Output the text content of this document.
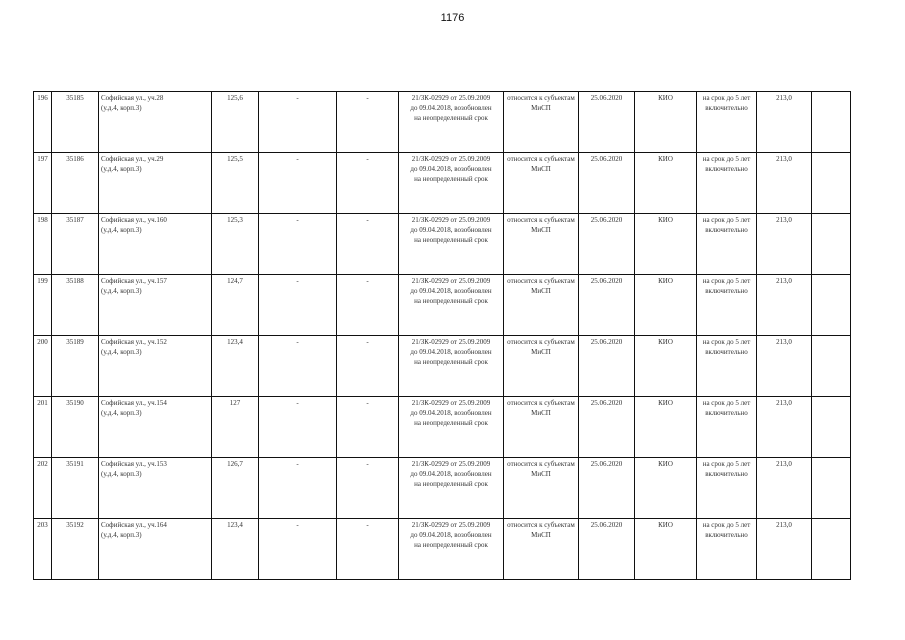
1176
196	35185	Софийская ул., уч.28
(у.д.4, корп.3)	125,6	-	-	21/ЗК-02929 от 25.09.2009
до 09.04.2018, возобновлен
на неопределенный срок	относится к субъектам
МиСП	25.06.2020	КИО	на срок до 5 лет
включительно	213,0	

197	35186	Софийская ул., уч.29
(у.д.4, корп.3)	125,5	-	-	21/ЗК-02929 от 25.09.2009
до 09.04.2018, возобновлен
на неопределенный срок	относится к субъектам
МиСП	25.06.2020	КИО	на срок до 5 лет
включительно	213,0	

198	35187	Софийская ул., уч.160
(у.д.4, корп.3)	125,3	-	-	21/ЗК-02929 от 25.09.2009
до 09.04.2018, возобновлен
на неопределенный срок	относится к субъектам
МиСП	25.06.2020	КИО	на срок до 5 лет
включительно	213,0	

199	35188	Софийская ул., уч.157
(у.д.4, корп.3)	124,7	-	-	21/ЗК-02929 от 25.09.2009
до 09.04.2018, возобновлен
на неопределенный срок	относится к субъектам
МиСП	25.06.2020	КИО	на срок до 5 лет
включительно	213,0	

200	35189	Софийская ул., уч.152
(у.д.4, корп.3)	123,4	-	-	21/ЗК-02929 от 25.09.2009
до 09.04.2018, возобновлен
на неопределенный срок	относится к субъектам
МиСП	25.06.2020	КИО	на срок до 5 лет
включительно	213,0	

201	35190	Софийская ул., уч.154
(у.д.4, корп.3)	127	-	-	21/ЗК-02929 от 25.09.2009
до 09.04.2018, возобновлен
на неопределенный срок	относится к субъектам
МиСП	25.06.2020	КИО	на срок до 5 лет
включительно	213,0	

202	35191	Софийская ул., уч.153
(у.д.4, корп.3)	126,7	-	-	21/ЗК-02929 от 25.09.2009
до 09.04.2018, возобновлен
на неопределенный срок	относится к субъектам
МиСП	25.06.2020	КИО	на срок до 5 лет
включительно	213,0	

203	35192	Софийская ул., уч.164
(у.д.4, корп.3)	123,4	-	-	21/ЗК-02929 от 25.09.2009
до 09.04.2018, возобновлен
на неопределенный срок	относится к субъектам
МиСП	25.06.2020	КИО	на срок до 5 лет
включительно	213,0	
